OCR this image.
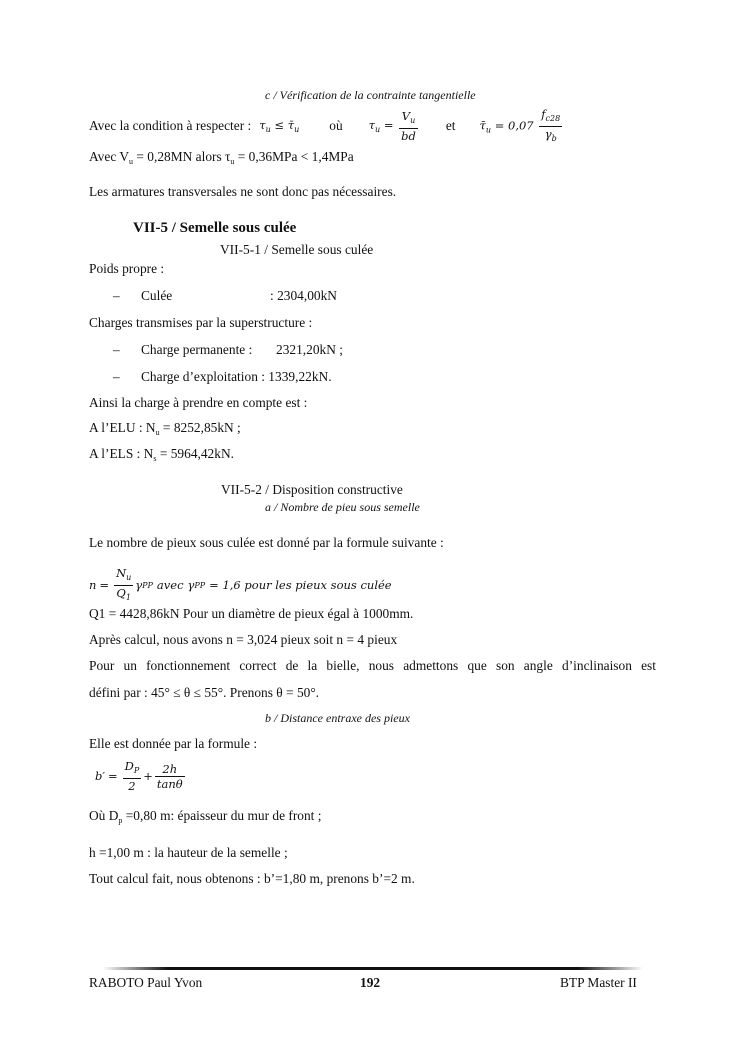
c / Vérification de la contrainte tangentielle
Avec la condition à respecter : $\tau_u$ ≤ $\taū_u$ où $\tau_u = \frac{V_u}{bd}$ et $\taū_u = 0,07 \frac{f_{c28}}{\gamma_b}$
Avec $V_u = 0,28MN$ alors $\tau_u = 0,36MPa < 1,4MPa$
Les armatures transversales ne sont donc pas nécessaires.
VII-5 / Semelle sous culée
VII-5-1 / Semelle sous culée
Poids propre :
– Culée	: 2304,00kN
Charges transmises par la superstructure :
– Charge permanente : 2321,20kN ;
– Charge d’exploitation : 1339,22kN.
Ainsi la charge à prendre en compte est :
A l’ELU : $N_u = 8252,85kN$ ;
A l’ELS : $N_s = 5964,42kN$.
VII-5-2 / Disposition constructive
a / Nombre de pieu sous semelle
Le nombre de pieux sous culée est donné par la formule suivante :
$n = \frac{N_u}{Q_1}$ γ PP avec γ PP = 1,6 pour les pieux sous culée
Q1 = 4428,86kN Pour un diamètre de pieux égal à 1000mm.
Après calcul, nous avons n = 3,024 pieux soit n = 4 pieux
Pour un fonctionnement correct de la bielle, nous admettons que son angle d’inclinaison est
défini par : 45° ≤ θ ≤ 55°. Prenons θ = 50°.
b / Distance entraxe des pieux
Elle est donnée par la formule :
$b' = \frac{D_P}{2} + \frac{2h}{\tan\theta}$
Où $D_p =0,80$ m: épaisseur du mur de front ;
h =1,00 m : la hauteur de la semelle ;
Tout calcul fait, nous obtenons : b’=1,80 m, prenons b’=2 m.
RABOTO Paul Yvon	192	BTP Master II
